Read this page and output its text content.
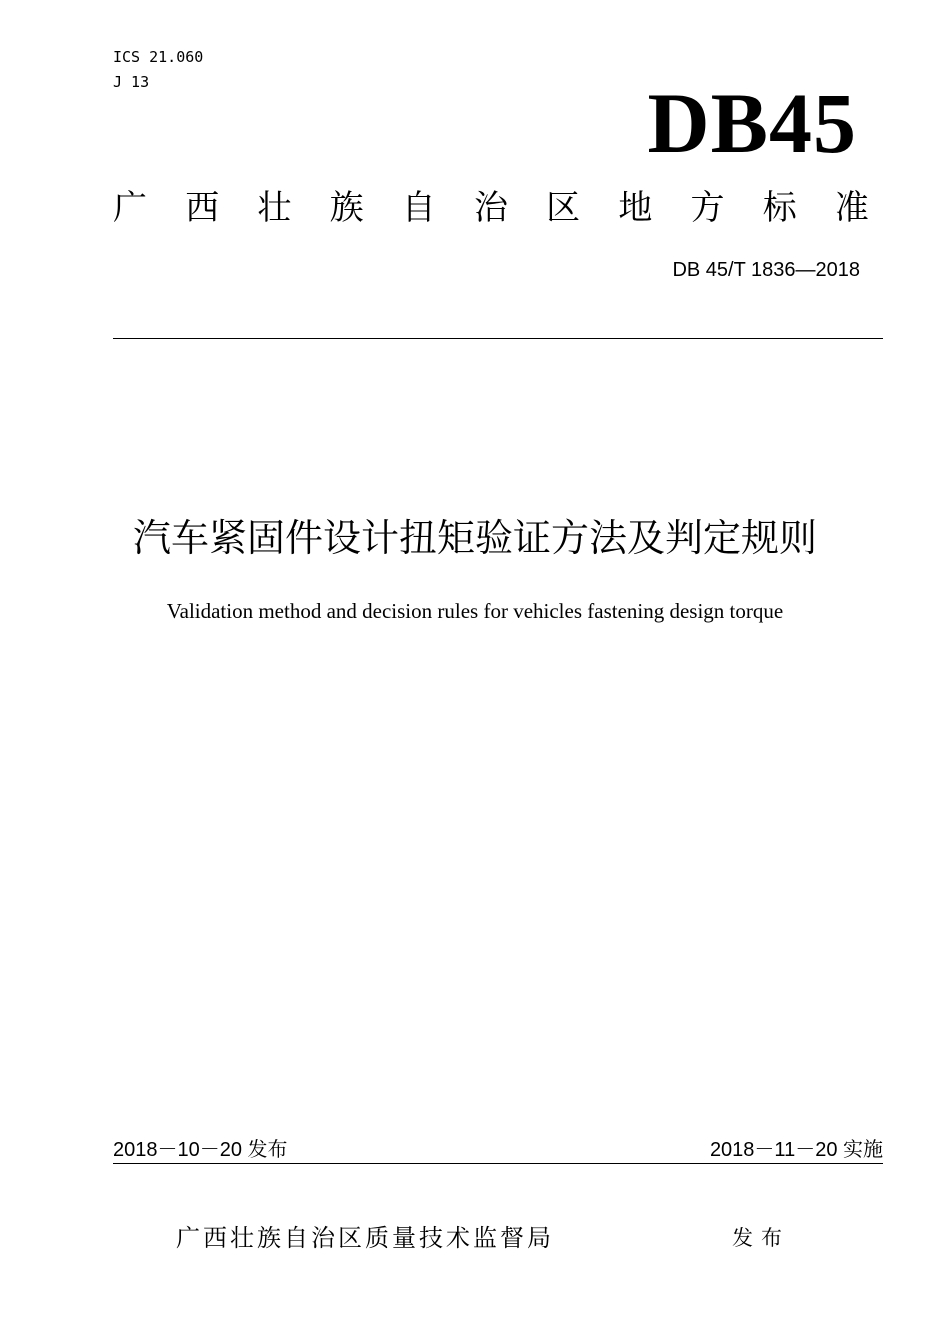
ICS 21.060
J 13	DB45
广 西 壮 族 自 治 区 地 方 标 准
DB 45/T 1836—2018
汽车紧固件设计扭矩验证方法及判定规则
Validation method and decision rules for vehicles fastening design torque
2018－10－20 发布	2018－11－20 实施
广西壮族自治区质量技术监督局	发布
